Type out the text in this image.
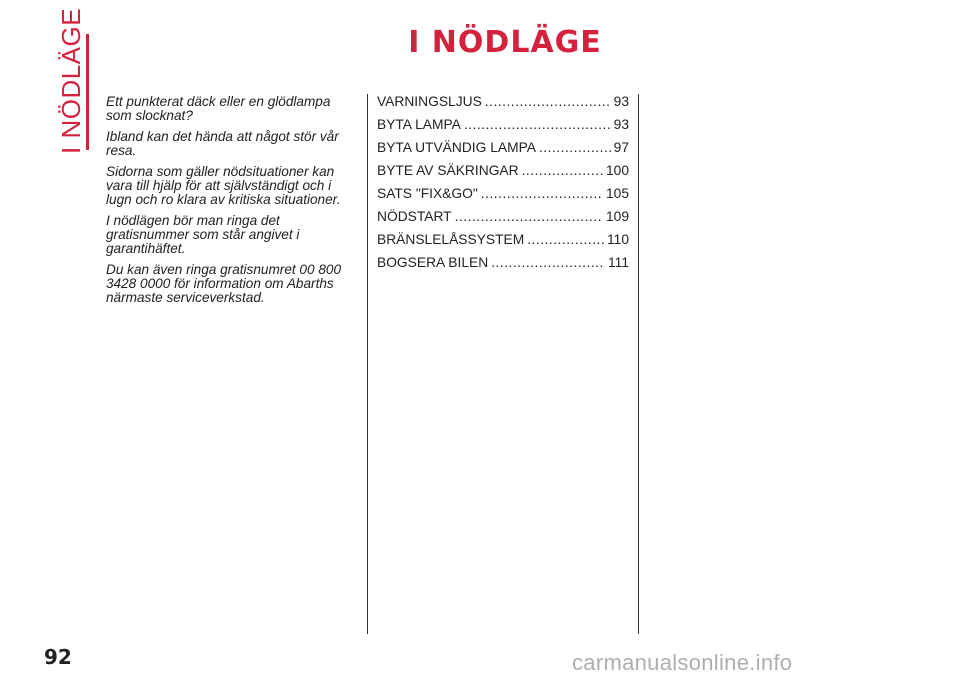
I NÖDLÄGE	I NÖDLÄGE

Ett punkterat däck eller en glödlampa som slocknat?

Ibland kan det hända att något stör vår resa.

Sidorna som gäller nödsituationer kan vara till hjälp för att självständigt och i lugn och ro klara av kritiska situationer.

I nödlägen bör man ringa det gratisnummer som står angivet i garantihäftet.

Du kan även ringa gratisnumret 00 800 3428 0000 för information om Abarths närmaste serviceverkstad.

VARNINGSLJUS .....	93
BYTA LAMPA .....	93
BYTA UTVÄNDIG LAMPA .....	97
BYTE AV SÄKRINGAR .....	100
SATS "FIX&GO" .....	105
NÖDSTART .....	109
BRÄNSLELÅSSYSTEM .....	110
BOGSERA BILEN .....	111
92	carmanualsonline.info
